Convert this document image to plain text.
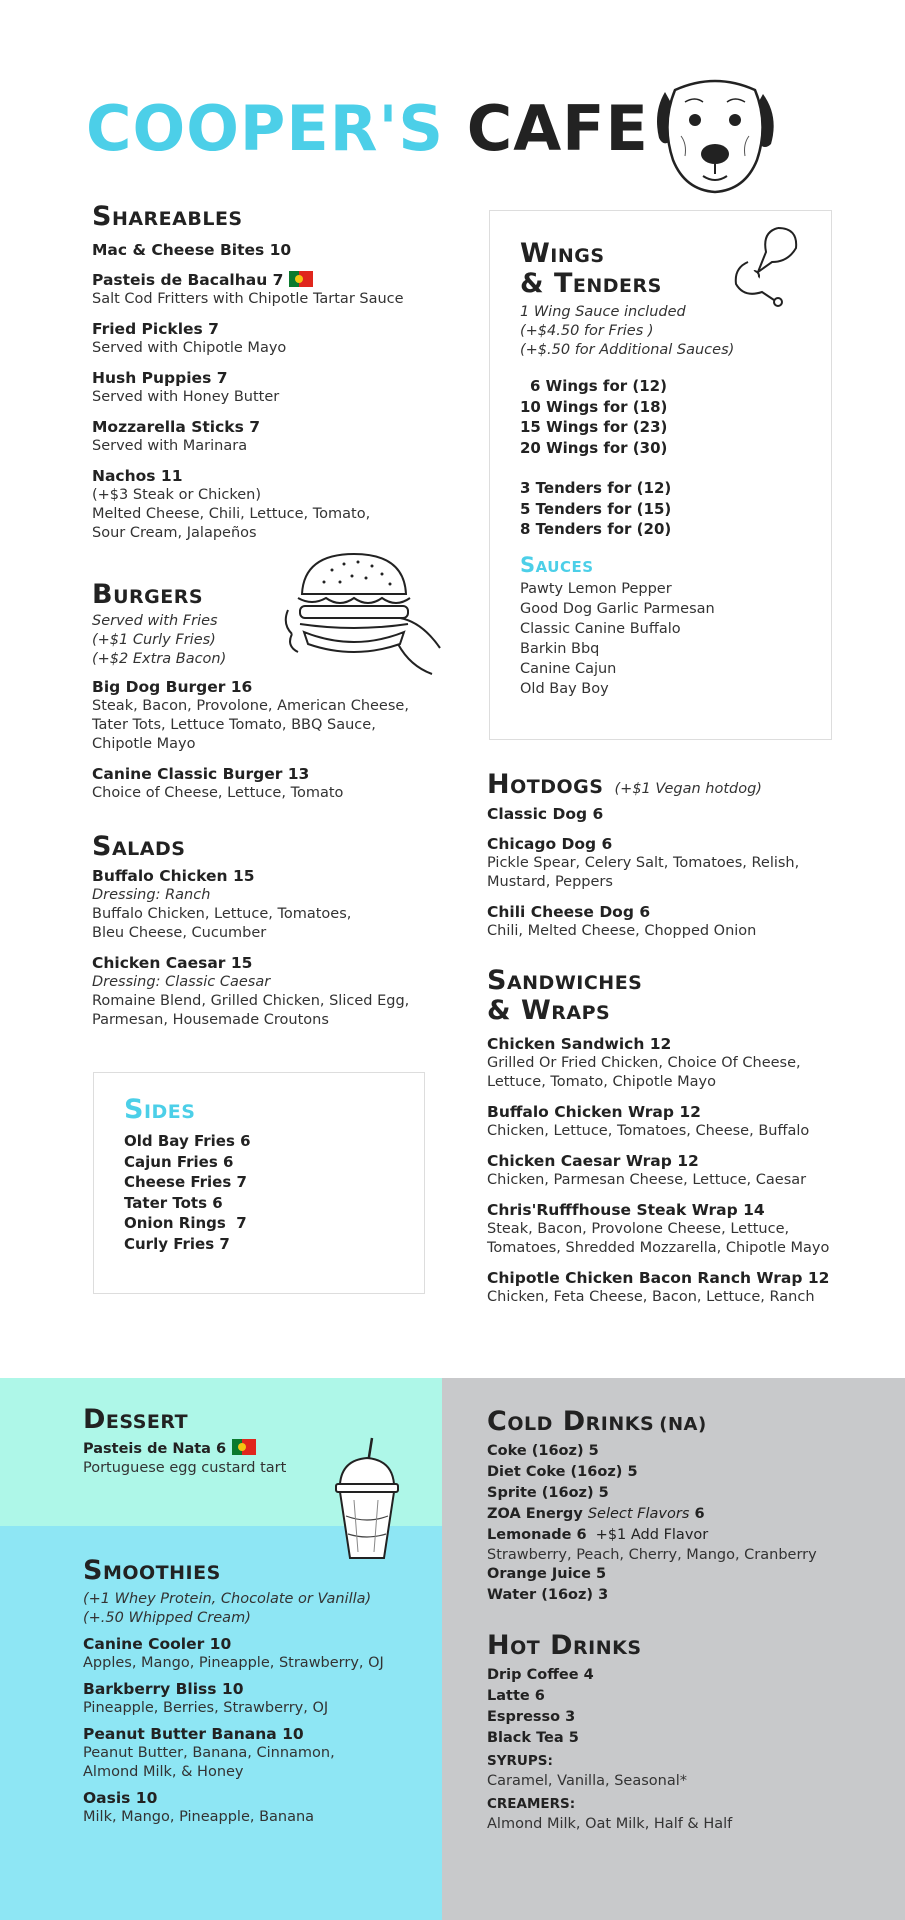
COOPER'S CAFE
Shareables
Mac & Cheese Bites 10
Pasteis de Bacalhau 7
Salt Cod Fritters with Chipotle Tartar Sauce
Fried Pickles 7
Served with Chipotle Mayo
Hush Puppies 7
Served with Honey Butter
Mozzarella Sticks 7
Served with Marinara
Nachos 11
(+$3 Steak or Chicken)
Melted Cheese, Chili, Lettuce, Tomato,
Sour Cream, Jalapeños
Wings
& Tenders
1 Wing Sauce included
(+$4.50 for Fries )
(+$.50 for Additional Sauces)
6 Wings for (12)
10 Wings for (18)
15 Wings for (23)
20 Wings for (30)
3 Tenders for (12)
5 Tenders for (15)
8 Tenders for (20)
Sauces
Pawty Lemon Pepper
Good Dog Garlic Parmesan
Classic Canine Buffalo
Barkin Bbq
Canine Cajun
Old Bay Boy
Burgers
Served with Fries
(+$1 Curly Fries)
(+$2 Extra Bacon)
Big Dog Burger 16
Steak, Bacon, Provolone, American Cheese,
Tater Tots, Lettuce Tomato, BBQ Sauce,
Chipotle Mayo
Canine Classic Burger 13
Choice of Cheese, Lettuce, Tomato
Salads
Buffalo Chicken 15
Dressing: Ranch
Buffalo Chicken, Lettuce, Tomatoes,
Bleu Cheese, Cucumber
Chicken Caesar 15
Dressing: Classic Caesar
Romaine Blend, Grilled Chicken, Sliced Egg,
Parmesan, Housemade Croutons
Sides
Old Bay Fries 6
Cajun Fries 6
Cheese Fries 7
Tater Tots 6
Onion Rings  7
Curly Fries 7
Hotdogs (+$1 Vegan hotdog)
Classic Dog 6
Chicago Dog 6
Pickle Spear, Celery Salt, Tomatoes, Relish,
Mustard, Peppers
Chili Cheese Dog 6
Chili, Melted Cheese, Chopped Onion
Sandwiches
& Wraps
Chicken Sandwich 12
Grilled Or Fried Chicken, Choice Of Cheese,
Lettuce, Tomato, Chipotle Mayo
Buffalo Chicken Wrap 12
Chicken, Lettuce, Tomatoes, Cheese, Buffalo
Chicken Caesar Wrap 12
Chicken, Parmesan Cheese, Lettuce, Caesar
Chris'Rufffhouse Steak Wrap 14
Steak, Bacon, Provolone Cheese, Lettuce,
Tomatoes, Shredded Mozzarella, Chipotle Mayo
Chipotle Chicken Bacon Ranch Wrap 12
Chicken, Feta Cheese, Bacon, Lettuce, Ranch
Dessert
Pasteis de Nata 6
Portuguese egg custard tart
Smoothies
(+1 Whey Protein, Chocolate or Vanilla)
(+.50 Whipped Cream)
Canine Cooler 10
Apples, Mango, Pineapple, Strawberry, OJ
Barkberry Bliss 10
Pineapple, Berries, Strawberry, OJ
Peanut Butter Banana 10
Peanut Butter, Banana, Cinnamon,
Almond Milk, & Honey
Oasis 10
Milk, Mango, Pineapple, Banana
Cold Drinks (NA)
Coke (16oz) 5
Diet Coke (16oz) 5
Sprite (16oz) 5
ZOA Energy Select Flavors 6
Lemonade 6 +$1 Add Flavor
Strawberry, Peach, Cherry, Mango, Cranberry
Orange Juice 5
Water (16oz) 3
Hot Drinks
Drip Coffee 4
Latte 6
Espresso 3
Black Tea 5
SYRUPS:
Caramel, Vanilla, Seasonal*
CREAMERS:
Almond Milk, Oat Milk, Half & Half
